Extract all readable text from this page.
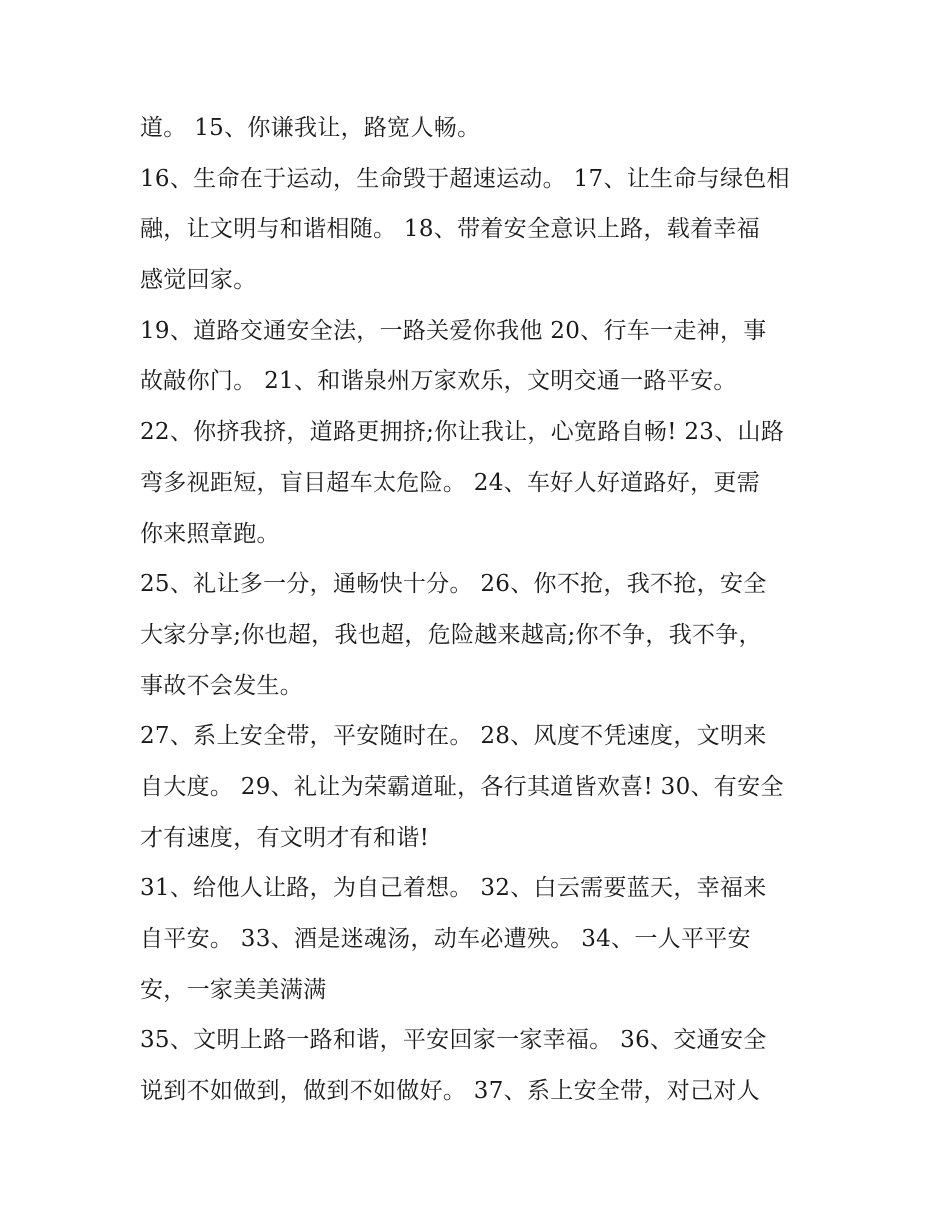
道。 15、你谦我让，路宽人畅。
16、生命在于运动，生命毁于超速运动。 17、让生命与绿色相
融，让文明与和谐相随。 18、带着安全意识上路，载着幸福
感觉回家。
19、道路交通安全法，一路关爱你我他 20、行车一走神，事
故敲你门。 21、和谐泉州万家欢乐，文明交通一路平安。
22、你挤我挤，道路更拥挤;你让我让，心宽路自畅! 23、山路
弯多视距短，盲目超车太危险。 24、车好人好道路好，更需
你来照章跑。
25、礼让多一分，通畅快十分。 26、你不抢，我不抢，安全
大家分享;你也超，我也超，危险越来越高;你不争，我不争，
事故不会发生。
27、系上安全带，平安随时在。 28、风度不凭速度，文明来
自大度。 29、礼让为荣霸道耻，各行其道皆欢喜! 30、有安全
才有速度，有文明才有和谐!
31、给他人让路，为自己着想。 32、白云需要蓝天，幸福来
自平安。 33、酒是迷魂汤，动车必遭殃。 34、一人平平安
安，一家美美满满
35、文明上路一路和谐，平安回家一家幸福。 36、交通安全
说到不如做到，做到不如做好。 37、系上安全带，对己对人
